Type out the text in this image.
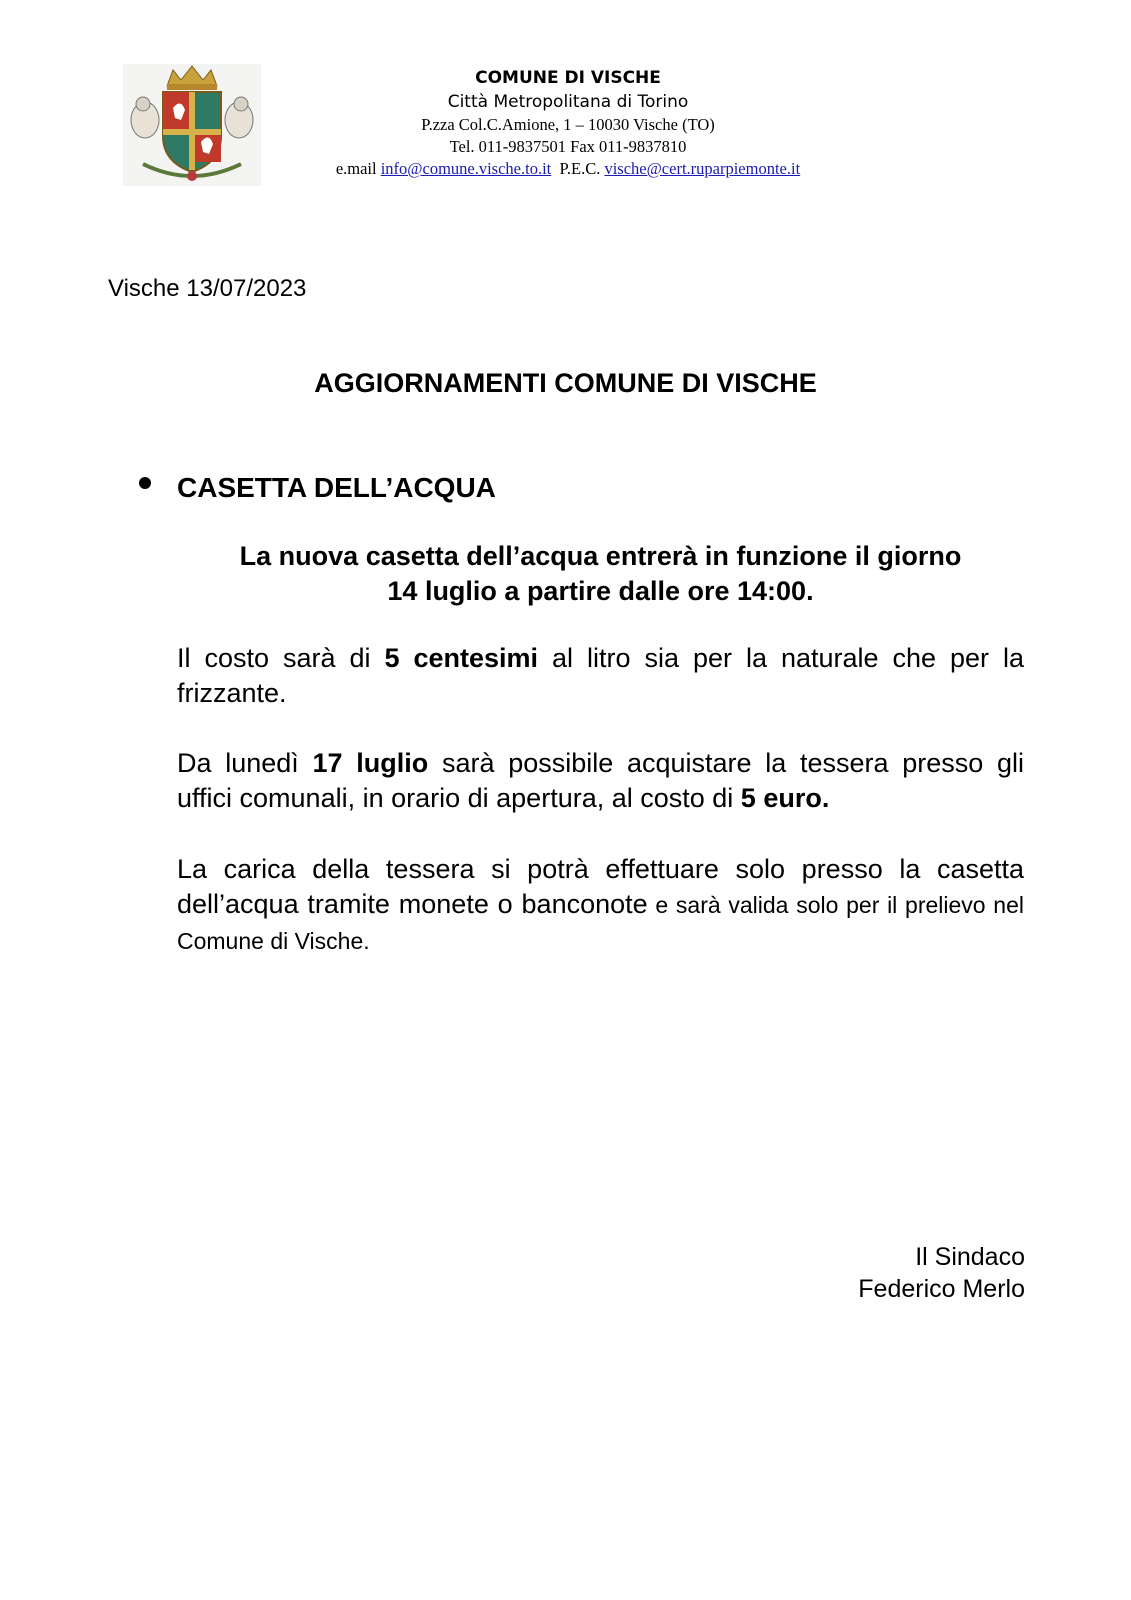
COMUNE DI VISCHE
Città Metropolitana di Torino
P.zza Col.C.Amione, 1 – 10030 Vische (TO)
Tel. 011-9837501 Fax 011-9837810
e.mail info@comune.vische.to.it P.E.C. vische@cert.ruparpiemonte.it
Vische 13/07/2023
AGGIORNAMENTI COMUNE DI VISCHE
CASETTA DELL’ACQUA
La nuova casetta dell’acqua entrerà in funzione il giorno
14 luglio a partire dalle ore 14:00.
Il costo sarà di 5 centesimi al litro sia per la naturale che per la frizzante.
Da lunedì 17 luglio sarà possibile acquistare la tessera presso gli uffici comunali, in orario di apertura, al costo di 5 euro.
La carica della tessera si potrà effettuare solo presso la casetta dell’acqua tramite monete o banconote e sarà valida solo per il prelievo nel Comune di Vische.
Il Sindaco
Federico Merlo
